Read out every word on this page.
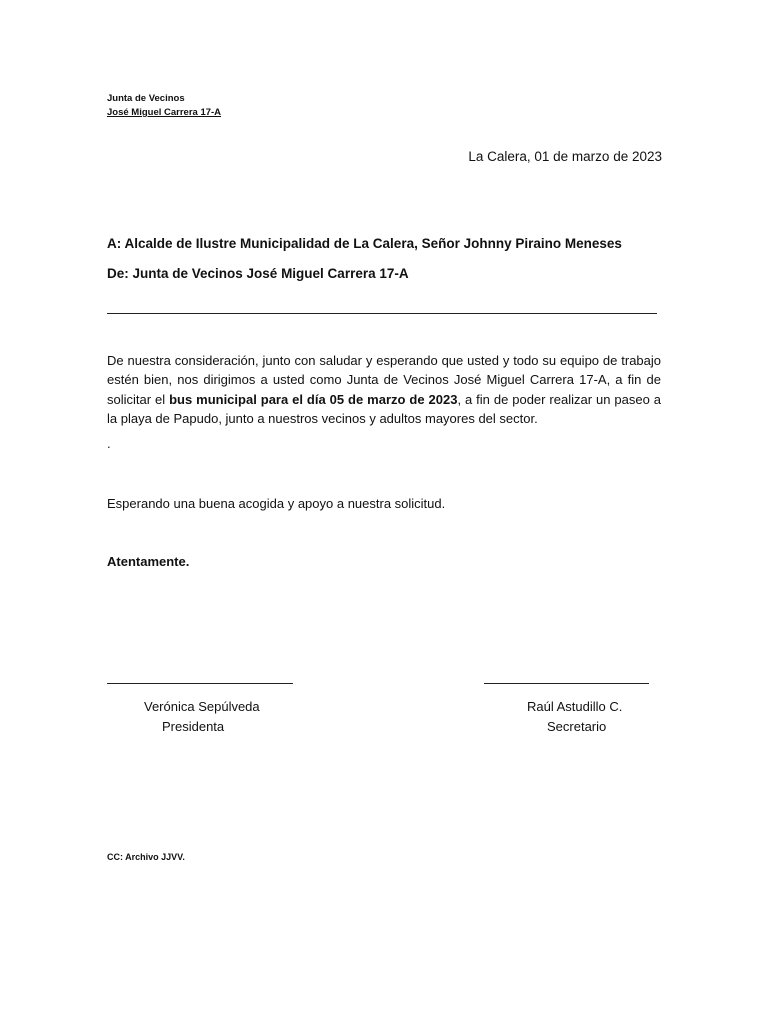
Junta de Vecinos
José Miguel Carrera 17-A
La Calera, 01 de marzo de 2023
A: Alcalde de Ilustre Municipalidad de La Calera, Señor Johnny Piraino Meneses
De: Junta de Vecinos José Miguel Carrera 17-A
De nuestra consideración, junto con saludar y esperando que usted y todo su equipo de trabajo estén bien, nos dirigimos a usted como Junta de Vecinos José Miguel Carrera 17-A, a fin de solicitar el bus municipal para el día 05 de marzo de 2023, a fin de poder realizar un paseo a la playa de Papudo, junto a nuestros vecinos y adultos mayores del sector.
.
Esperando una buena acogida y apoyo a nuestra solicitud.
Atentamente.
Verónica Sepúlveda
Presidenta
Raúl Astudillo C.
Secretario
CC: Archivo JJVV.
